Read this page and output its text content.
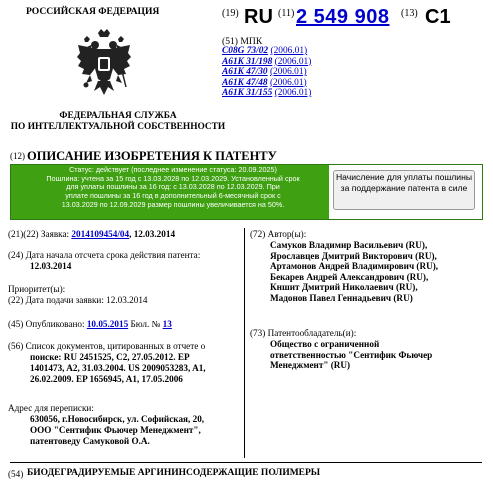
РОССИЙСКАЯ ФЕДЕРАЦИЯ
ФЕДЕРАЛЬНАЯ СЛУЖБА
ПО ИНТЕЛЛЕКТУАЛЬНОЙ СОБСТВЕННОСТИ
(19) RU (11) 2 549 908 (13) C1
(51) МПК
C08G 73/02 (2006.01)
A61K 31/198 (2006.01)
A61K 47/30 (2006.01)
A61K 47/48 (2006.01)
A61K 31/155 (2006.01)
(12) ОПИСАНИЕ ИЗОБРЕТЕНИЯ К ПАТЕНТУ
Статус: действует (последнее изменение статуса: 20.09.2025)
Пошлина: учтена за 15 год с 13.03.2028 по 12.03.2029. Установленный срок
для уплаты пошлины за 16 год: с 13.03.2028 по 12.03.2029. При
уплате пошлины за 16 год в дополнительный 6-месячный срок с
13.03.2029 по 12.09.2029 размер пошлины увеличивается на 50%.
Начисление для уплаты пошлины за поддержание патента в силе
(21)(22) Заявка: 2014109454/04, 12.03.2014
(24) Дата начала отсчета срока действия патента:
12.03.2014
Приоритет(ы):
(22) Дата подачи заявки: 12.03.2014
(45) Опубликовано: 10.05.2015 Бюл. № 13
(56) Список документов, цитированных в отчете о
поиске: RU 2451525, C2, 27.05.2012. EP
1401473, A2, 31.03.2004. US 2009053283, A1,
26.02.2009. EP 1656945, A1, 17.05.2006
Адрес для переписки:
630056, г.Новосибирск, ул. Софийская, 20,
ООО "Сентифик Фьючер Менеджмент",
патентоведу Самуковой О.А.
(72) Автор(ы):
Самуков Владимир Васильевич (RU),
Ярославцев Дмитрий Викторович (RU),
Артамонов Андрей Владимирович (RU),
Бекарев Андрей Александрович (RU),
Кншит Дмитрий Николаевич (RU),
Мадонов Павел Геннадьевич (RU)
(73) Патентообладатель(и):
Общество с ограниченной
ответственностью "Сентифик Фьючер
Менеджмент" (RU)
(54) БИОДЕГРАДИРУЕМЫЕ АРГИНИНСОДЕРЖАЩИЕ ПОЛИМЕРЫ
